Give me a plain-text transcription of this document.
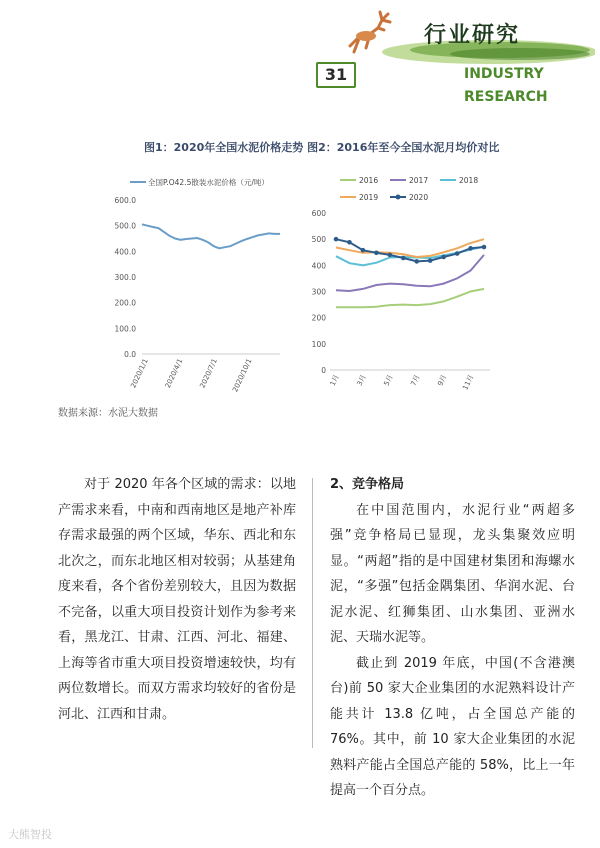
行业研究
31	INDUSTRY
RESEARCH
图1：2020年全国水泥价格走势 图2：2016年至今全国水泥月均价对比
全国P.O42.5散装水泥价格（元/吨）
600.0
500.0
400.0
300.0
200.0
100.0
0.0
2020/1/1 2020/4/1 2020/7/1 2020/10/1
2016	2017	2018
2019	2020
600
500
400
300
200
100
0
1月 3月 5月 7月 9月 11月
数据来源：水泥大数据

对于 2020 年各个区域的需求：以地产需求来看，中南和西南地区是地产补库存需求最强的两个区域，华东、西北和东北次之，而东北地区相对较弱；从基建角度来看，各个省份差别较大，且因为数据不完备，以重大项目投资计划作为参考来看，黑龙江、甘肃、江西、河北、福建、上海等省市重大项目投资增速较快，均有两位数增长。而双方需求均较好的省份是河北、江西和甘肃。

2、竞争格局

在中国范围内，水泥行业“两超多强”竞争格局已显现，龙头集聚效应明显。“两超”指的是中国建材集团和海螺水泥，“多强”包括金隅集团、华润水泥、台泥水泥、红狮集团、山水集团、亚洲水泥、天瑞水泥等。

截止到 2019 年底，中国(不含港澳台)前 50 家大企业集团的水泥熟料设计产能共计 13.8 亿吨，占全国总产能的 76%。其中，前 10 家大企业集团的水泥熟料产能占全国总产能的 58%，比上一年提高一个百分点。

大熊智投
